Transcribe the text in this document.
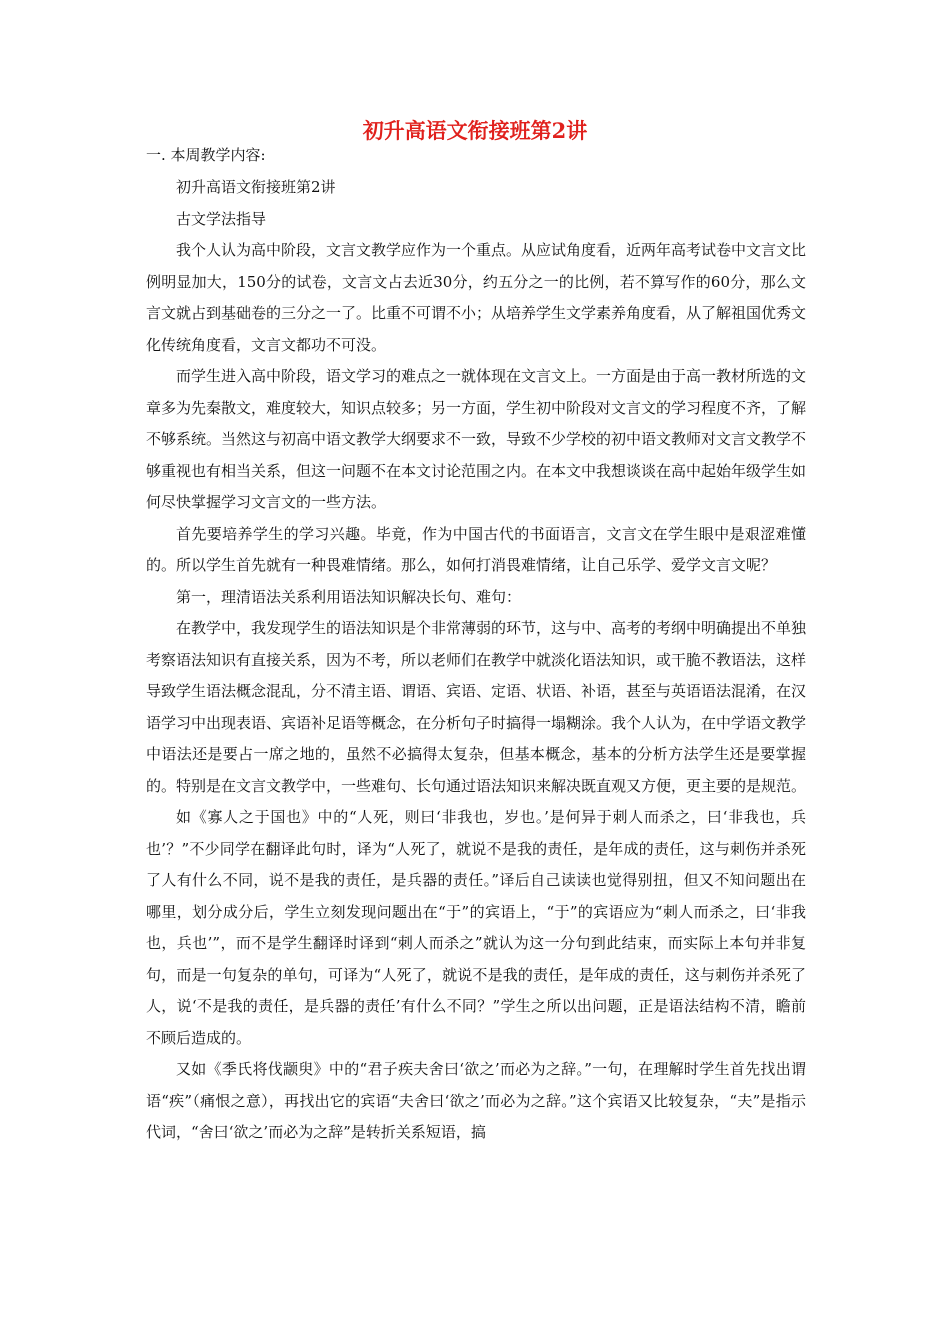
初升高语文衔接班第2讲
一. 本周教学内容:

初升高语文衔接班第2讲

古文学法指导

我个人认为高中阶段，文言文教学应作为一个重点。从应试角度看，近两年高考试卷中文言文比例明显加大，150分的试卷，文言文占去近30分，约五分之一的比例，若不算写作的60分，那么文言文就占到基础卷的三分之一了。比重不可谓不小；从培养学生文学素养角度看，从了解祖国优秀文化传统角度看，文言文都功不可没。

而学生进入高中阶段，语文学习的难点之一就体现在文言文上。一方面是由于高一教材所选的文章多为先秦散文，难度较大，知识点较多；另一方面，学生初中阶段对文言文的学习程度不齐，了解不够系统。当然这与初高中语文教学大纲要求不一致，导致不少学校的初中语文教师对文言文教学不够重视也有相当关系，但这一问题不在本文讨论范围之内。在本文中我想谈谈在高中起始年级学生如何尽快掌握学习文言文的一些方法。

首先要培养学生的学习兴趣。毕竟，作为中国古代的书面语言，文言文在学生眼中是艰涩难懂的。所以学生首先就有一种畏难情绪。那么，如何打消畏难情绪，让自己乐学、爱学文言文呢？

第一，理清语法关系利用语法知识解决长句、难句：

在教学中，我发现学生的语法知识是个非常薄弱的环节，这与中、高考的考纲中明确提出不单独考察语法知识有直接关系，因为不考，所以老师们在教学中就淡化语法知识，或干脆不教语法，这样导致学生语法概念混乱，分不清主语、谓语、宾语、定语、状语、补语，甚至与英语语法混淆，在汉语学习中出现表语、宾语补足语等概念，在分析句子时搞得一塌糊涂。我个人认为，在中学语文教学中语法还是要占一席之地的，虽然不必搞得太复杂，但基本概念，基本的分析方法学生还是要掌握的。特别是在文言文教学中，一些难句、长句通过语法知识来解决既直观又方便，更主要的是规范。

如《寡人之于国也》中的“人死，则曰‘非我也，岁也。’是何异于刺人而杀之，曰‘非我也，兵也’？”不少同学在翻译此句时，译为“人死了，就说不是我的责任，是年成的责任，这与刺伤并杀死了人有什么不同，说不是我的责任，是兵器的责任。”译后自己读读也觉得别扭，但又不知问题出在哪里，划分成分后，学生立刻发现问题出在“于”的宾语上，“于”的宾语应为“刺人而杀之，曰‘非我也，兵也’”，而不是学生翻译时译到“刺人而杀之”就认为这一分句到此结束，而实际上本句并非复句，而是一句复杂的单句，可译为“人死了，就说不是我的责任，是年成的责任，这与刺伤并杀死了人，说‘不是我的责任，是兵器的责任’有什么不同？”学生之所以出问题，正是语法结构不清，瞻前不顾后造成的。

又如《季氏将伐颛臾》中的“君子疾夫舍曰‘欲之’而必为之辞。”一句，在理解时学生首先找出谓语“疾”（痛恨之意），再找出它的宾语“夫舍曰‘欲之’而必为之辞。”这个宾语又比较复杂，“夫”是指示代词，“舍曰‘欲之’而必为之辞”是转折关系短语，搞
